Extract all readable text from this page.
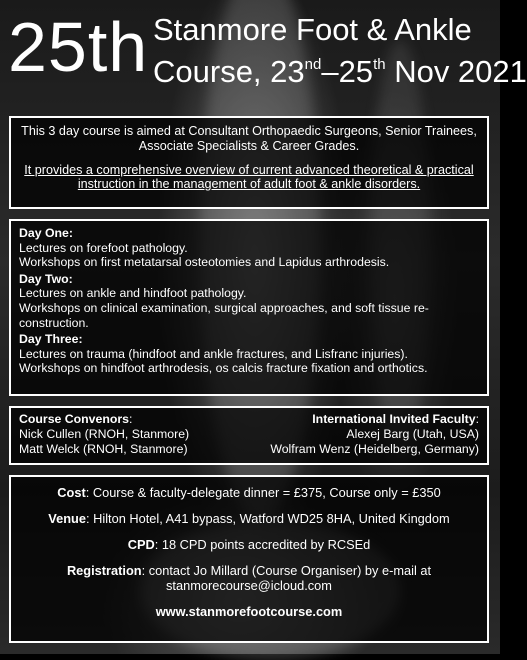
25th Stanmore Foot & Ankle
Course, 23nd–25th Nov 2021

This 3 day course is aimed at Consultant Orthopaedic Surgeons, Senior Trainees, Associate Specialists & Career Grades.

It provides a comprehensive overview of current advanced theoretical & practical instruction in the management of adult foot & ankle disorders.

Day One:
Lectures on forefoot pathology.
Workshops on first metatarsal osteotomies and Lapidus arthrodesis.
Day Two:
Lectures on ankle and hindfoot pathology.
Workshops on clinical examination, surgical approaches, and soft tissue re-construction.
Day Three:
Lectures on trauma (hindfoot and ankle fractures, and Lisfranc injuries).
Workshops on hindfoot arthrodesis, os calcis fracture fixation and orthotics.
Course Convenors:
Nick Cullen (RNOH, Stanmore)
Matt Welck (RNOH, Stanmore)
International Invited Faculty:
Alexej Barg (Utah, USA)
Wolfram Wenz (Heidelberg, Germany)
Cost: Course & faculty-delegate dinner = £375, Course only = £350
Venue: Hilton Hotel, A41 bypass, Watford WD25 8HA, United Kingdom
CPD: 18 CPD points accredited by RCSEd
Registration: contact Jo Millard (Course Organiser) by e-mail at
stanmorecourse@icloud.com
www.stanmorefootcourse.com
